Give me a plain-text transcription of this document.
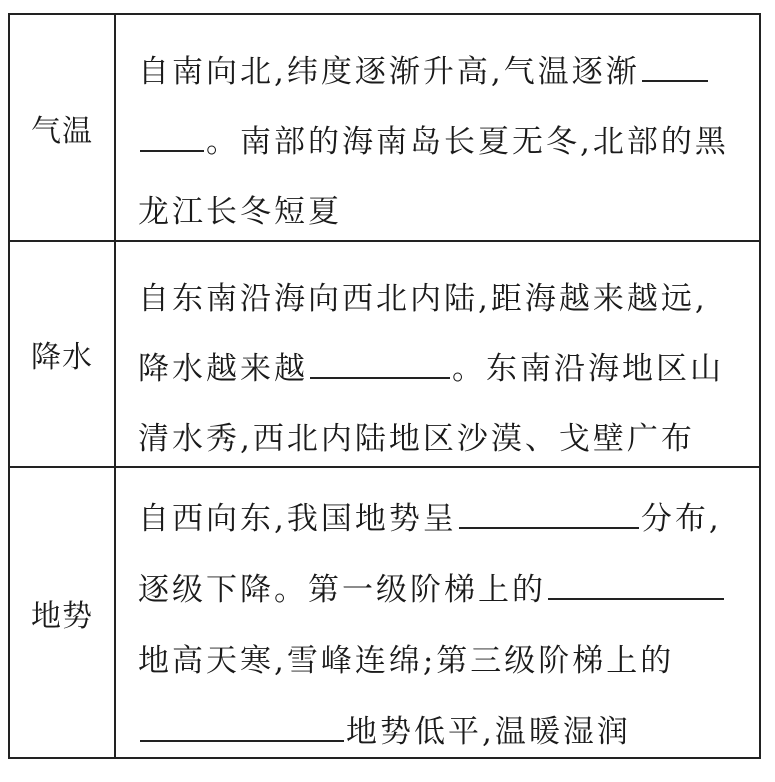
气温
自南向北,纬度逐渐升高,气温逐渐
。南部的海南岛长夏无冬,北部的黑
龙江长冬短夏
降水
自东南沿海向西北内陆,距海越来越远,
降水越来越	。东南沿海地区山
清水秀,西北内陆地区沙漠、戈壁广布
地势
自西向东,我国地势呈	分布,
逐级下降。第一级阶梯上的
地高天寒,雪峰连绵;第三级阶梯上的
地势低平,温暖湿润
